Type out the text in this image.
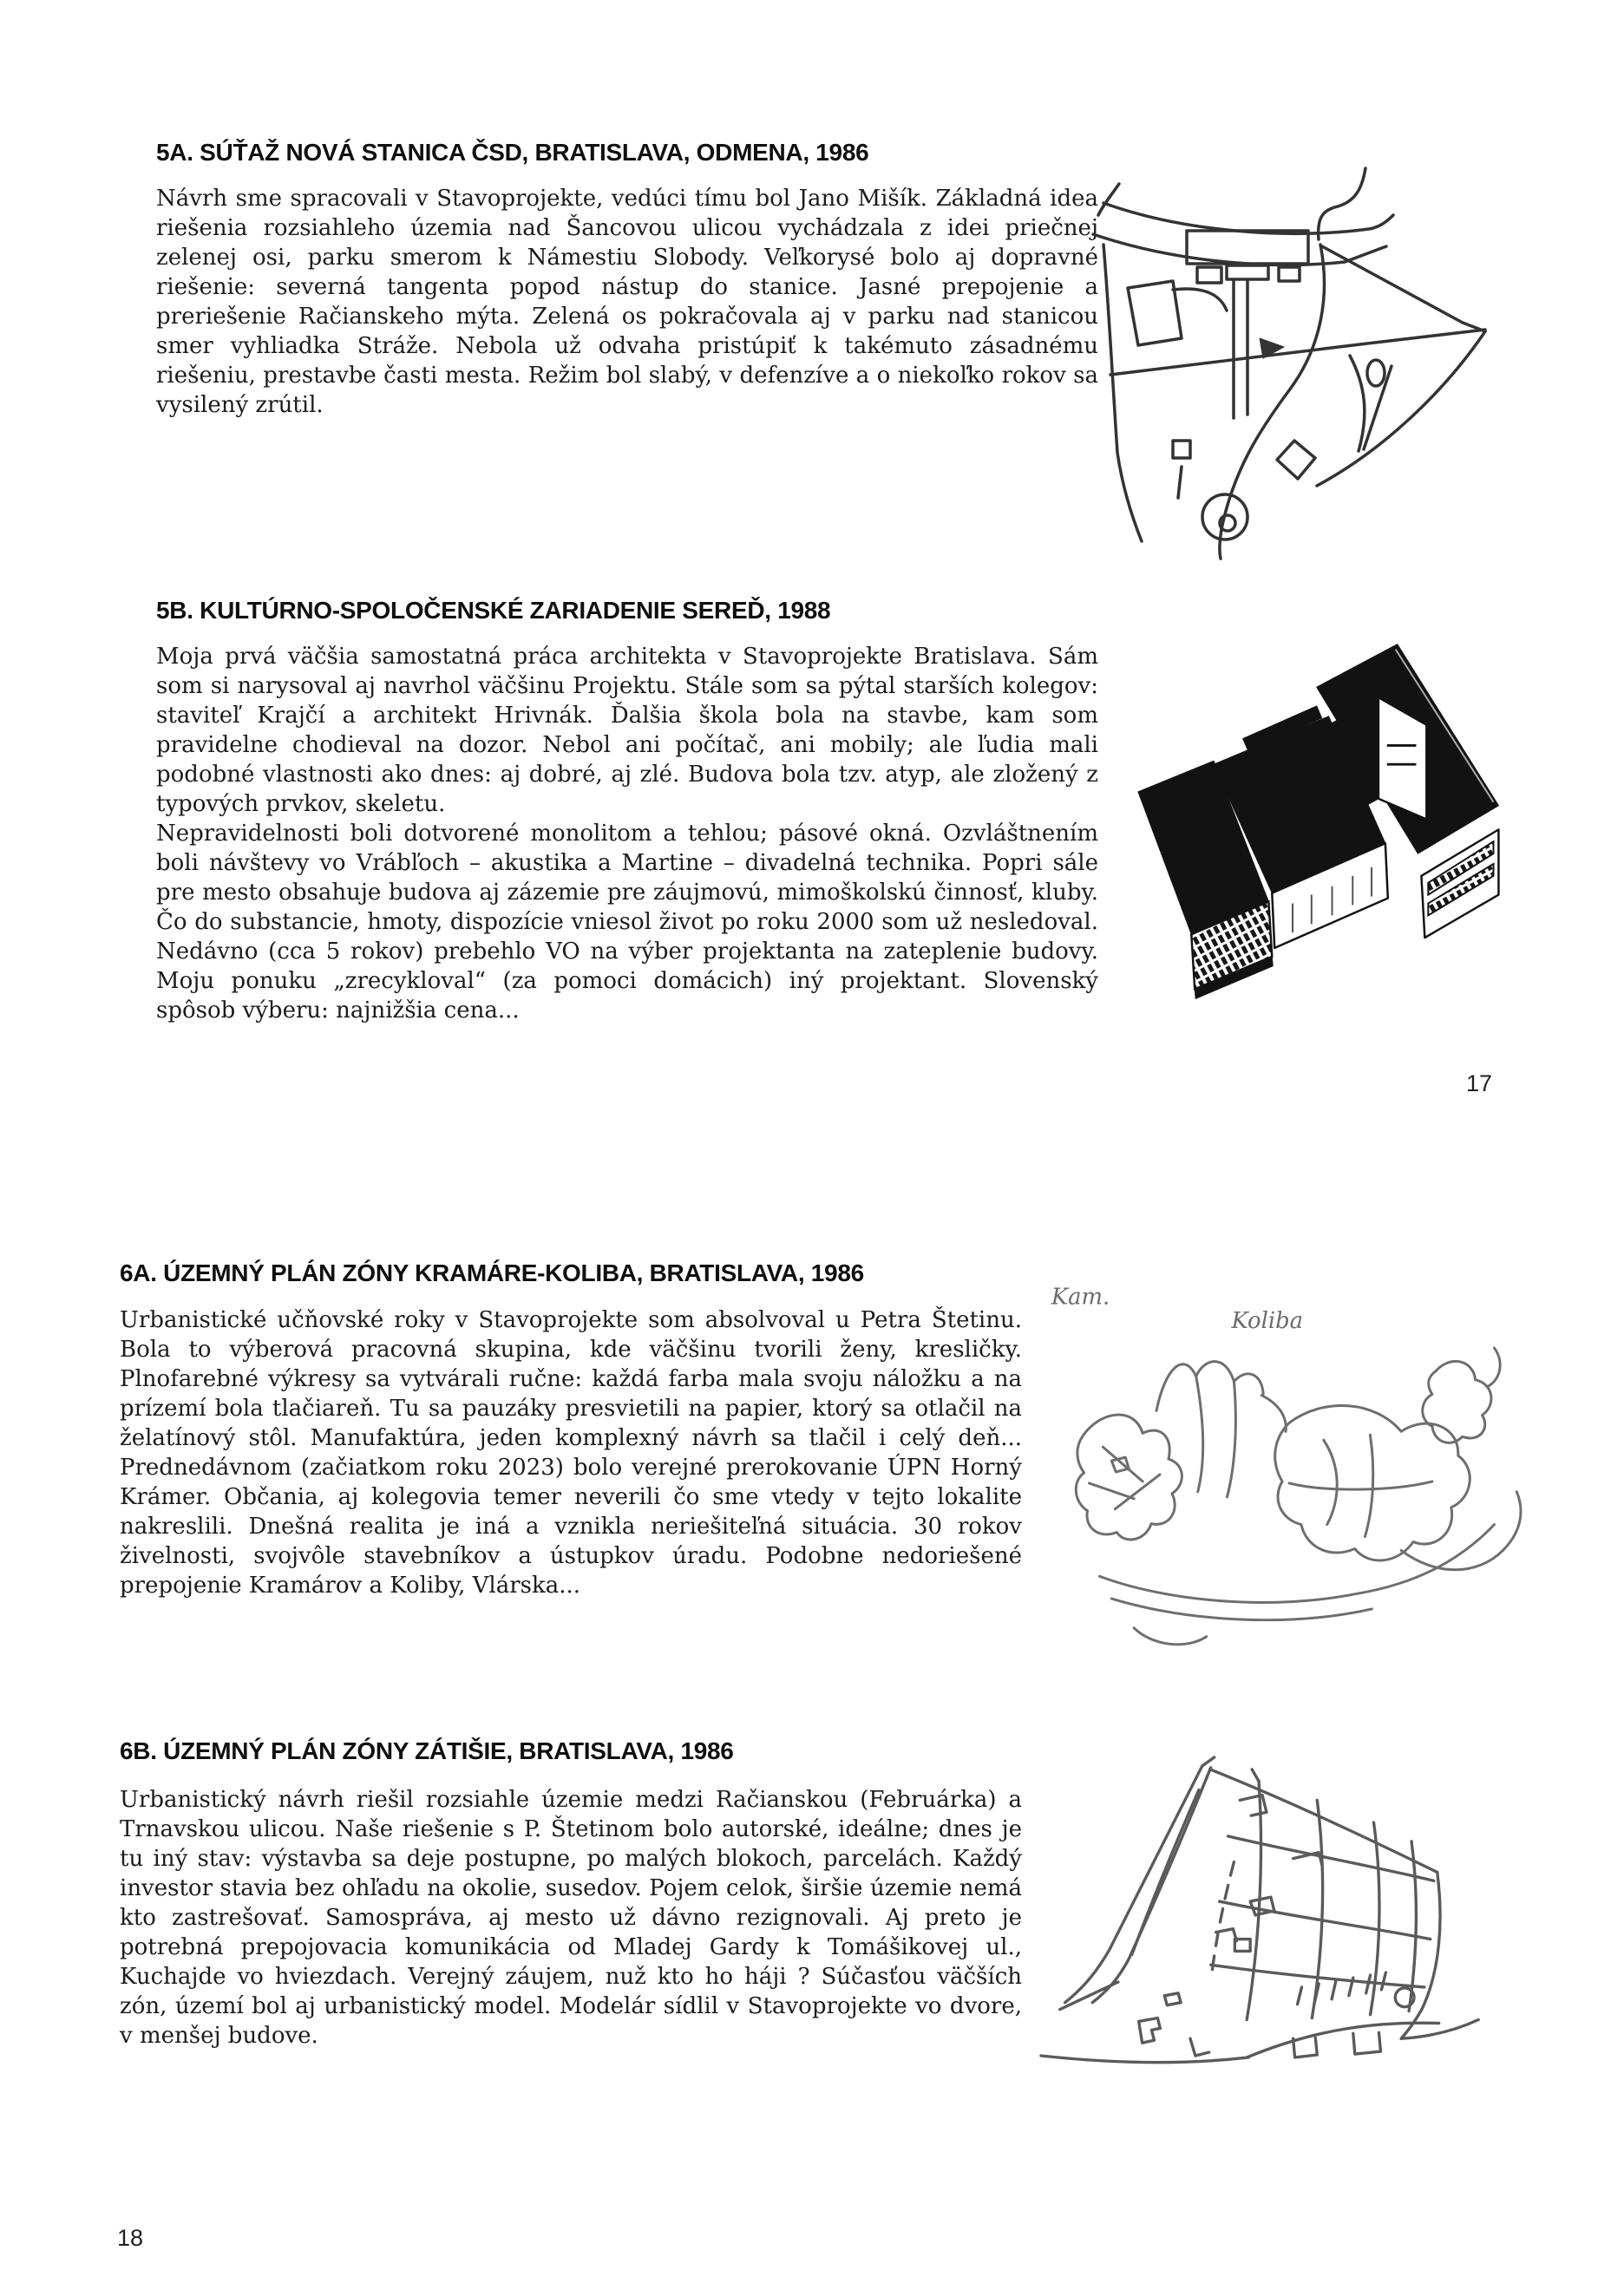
5A. SÚŤAŽ NOVÁ STANICA ČSD, BRATISLAVA, ODMENA, 1986

Návrh sme spracovali v Stavoprojekte, vedúci tímu bol Jano Mišík. Základná idea riešenia rozsiahleho územia nad Šancovou ulicou vychádzala z idei priečnej zelenej osi, parku smerom k Námestiu Slobody. Veľkorysé bolo aj dopravné riešenie: severná tangenta popod nástup do stanice. Jasné prepojenie a preriešenie Račianskeho mýta. Zelená os pokračovala aj v parku nad stanicou smer vyhliadka Stráže. Nebola už odvaha pristúpiť k takémuto zásadnému riešeniu, prestavbe časti mesta. Režim bol slabý, v defenzíve a o niekoľko rokov sa vysilený zrútil.

5B. KULTÚRNO-SPOLOČENSKÉ ZARIADENIE SEREĎ, 1988

Moja prvá väčšia samostatná práca architekta v Stavoprojekte Bratislava. Sám som si narysoval aj navrhol väčšinu Projektu. Stále som sa pýtal starších kolegov: staviteľ Krajčí a architekt Hrivnák. Ďalšia škola bola na stavbe, kam som pravidelne chodieval na dozor. Nebol ani počítač, ani mobily; ale ľudia mali podobné vlastnosti ako dnes: aj dobré, aj zlé. Budova bola tzv. atyp, ale zložený z typových prvkov, skeletu.

Nepravidelnosti boli dotvorené monolitom a tehlou; pásové okná. Ozvláštnením boli návštevy vo Vrábľoch – akustika a Martine – divadelná technika. Popri sále pre mesto obsahuje budova aj zázemie pre záujmovú, mimoškolskú činnosť, kluby. Čo do substancie, hmoty, dispozície vniesol život po roku 2000 som už nesledoval. Nedávno (cca 5 rokov) prebehlo VO na výber projektanta na zateplenie budovy. Moju ponuku „zrecykloval“ (za pomoci domácich) iný projektant. Slovenský spôsob výberu: najnižšia cena...

17
6A. ÚZEMNÝ PLÁN ZÓNY KRAMÁRE-KOLIBA, BRATISLAVA, 1986

Urbanistické učňovské roky v Stavoprojekte som absolvoval u Petra Štetinu. Bola to výberová pracovná skupina, kde väčšinu tvorili ženy, kresličky. Plnofarebné výkresy sa vytvárali ručne: každá farba mala svoju náložku a na prízemí bola tlačiareň. Tu sa pauzáky presvietili na papier, ktorý sa otlačil na želatínový stôl. Manufaktúra, jeden komplexný návrh sa tlačil i celý deň... Prednedávnom (začiatkom roku 2023) bolo verejné prerokovanie ÚPN Horný Krámer. Občania, aj kolegovia temer neverili čo sme vtedy v tejto lokalite nakreslili. Dnešná realita je iná a vznikla neriešiteľná situácia. 30 rokov živelnosti, svojvôle stavebníkov a ústupkov úradu. Podobne nedoriešené prepojenie Kramárov a Koliby, Vlárska...

Kam.
Koliba
6B. ÚZEMNÝ PLÁN ZÓNY ZÁTIŠIE, BRATISLAVA, 1986

Urbanistický návrh riešil rozsiahle územie medzi Račianskou (Februárka) a Trnavskou ulicou. Naše riešenie s P. Štetinom bolo autorské, ideálne; dnes je tu iný stav: výstavba sa deje postupne, po malých blokoch, parcelách. Každý investor stavia bez ohľadu na okolie, susedov. Pojem celok, širšie územie nemá kto zastrešovať. Samospráva, aj mesto už dávno rezignovali. Aj preto je potrebná prepojovacia komunikácia od Mladej Gardy k Tomášikovej ul., Kuchajde vo hviezdach. Verejný záujem, nuž kto ho háji ? Súčasťou väčších zón, území bol aj urbanistický model. Modelár sídlil v Stavoprojekte vo dvore, v menšej budove.

18
